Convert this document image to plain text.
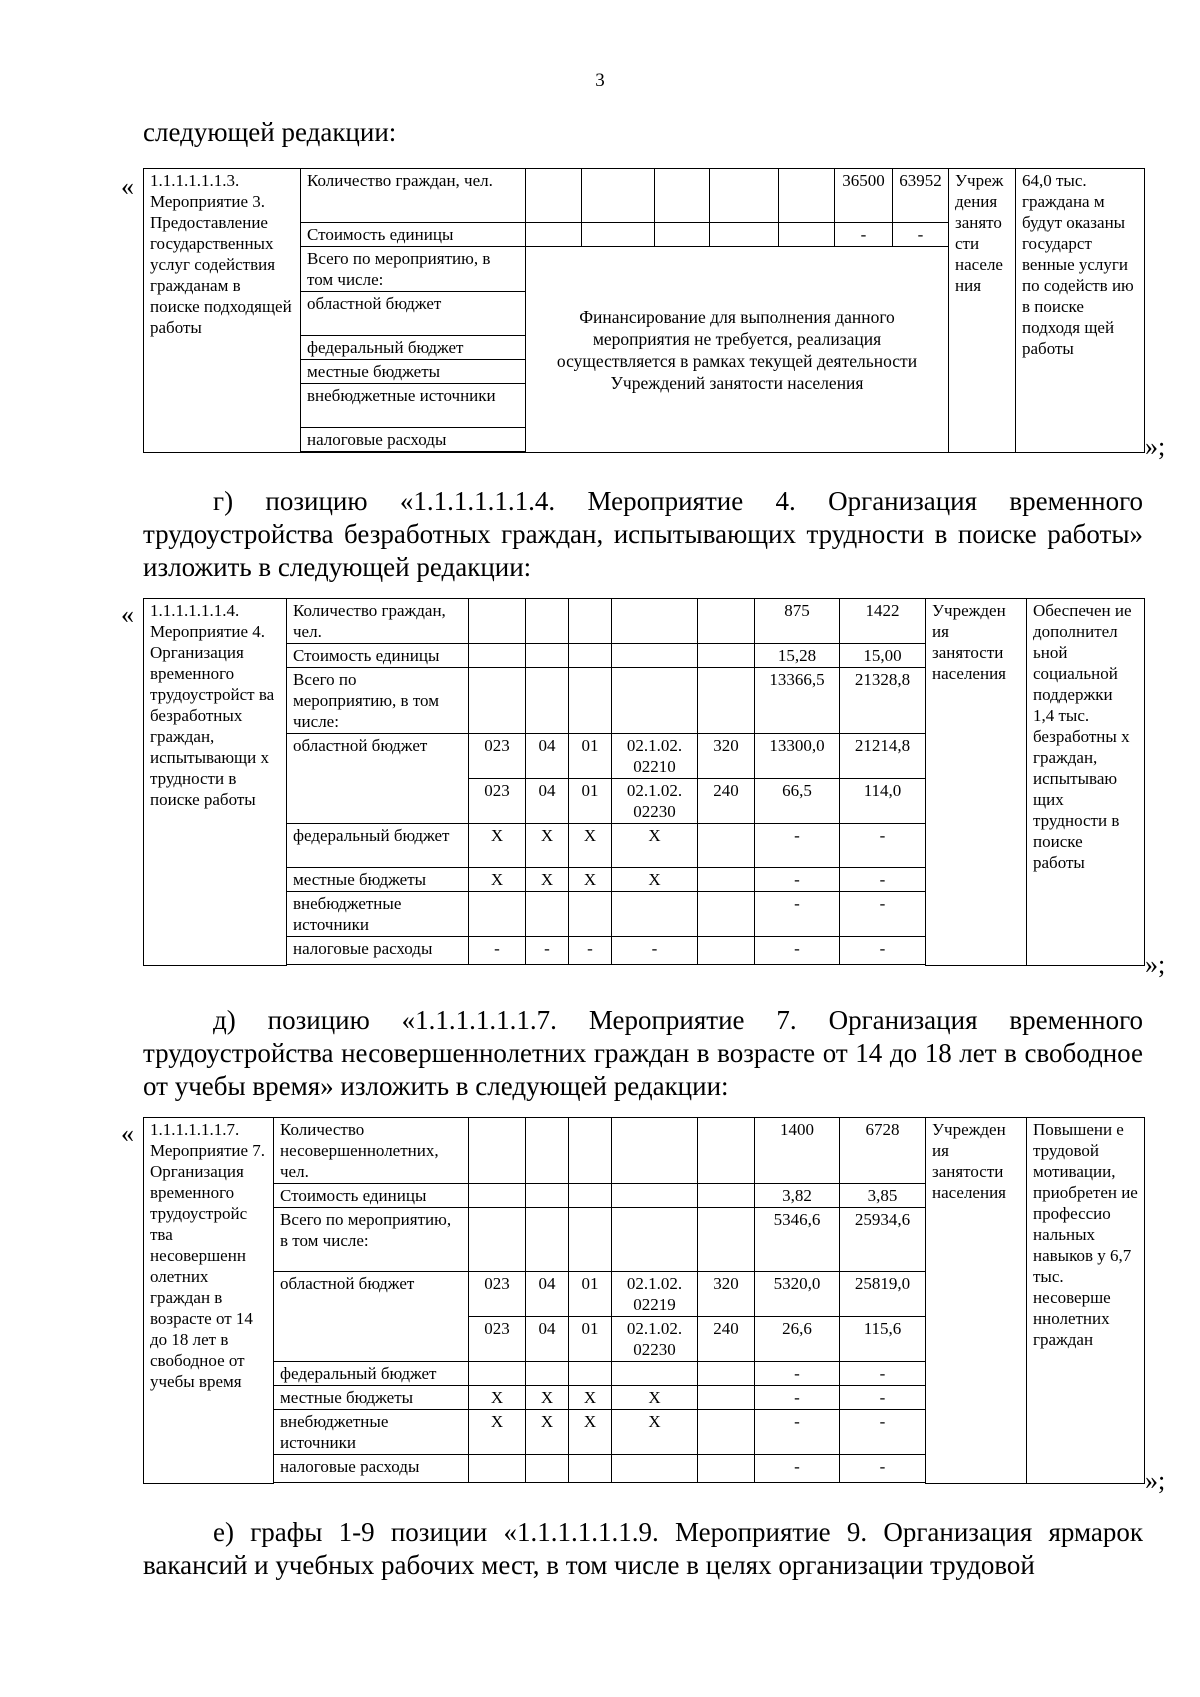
3
следующей редакции:
« 1.1.1.1.1.1.3. Мероприятие 3. Предоставление государственных услуг содействия гражданам в поиске подходящей работы	Количество граждан, чел.						36500	63952	Учреж дения занято сти населе ния	64,0 тыс. граждана м будут оказаны государст венные услуги по содейств ию в поиске подходя щей работы
	Стоимость единицы						-	-		
	Всего по мероприятию, в том числе:	Финансирование для выполнения данного мероприятия не требуется, реализация осуществляется в рамках текущей деятельности Учреждений занятости населения								
	областной бюджет									
	федеральный бюджет									
	местные бюджеты									
	внебюджетные источники									
	налоговые расходы										»;
г) позицию «1.1.1.1.1.1.4. Мероприятие 4. Организация временного трудоустройства безработных граждан, испытывающих трудности в поиске работы» изложить в следующей редакции:
« 1.1.1.1.1.1.4. Мероприятие 4. Организация временного трудоустройст ва безработных граждан, испытывающи х трудности в поиске работы	Количество граждан, чел.						875	1422	Учрежден ия занятости населения	Обеспечен ие дополнител ьной социальной поддержки 1,4 тыс. безработны х граждан, испытываю щих трудности в поиске работы
	Стоимость единицы						15,28	15,00		
	Всего по мероприятию, в том числе:						13366,5	21328,8		
	областной бюджет	023	04	01	02.1.02. 02210	320	13300,0	21214,8		
		023	04	01	02.1.02. 02230	240	66,5	114,0		
	федеральный бюджет	Х	Х	Х	Х		-	-		
	местные бюджеты	Х	Х	Х	Х		-	-		
	внебюджетные источники						-	-		
	налоговые расходы	-	-	-	-		-	-		

»;
д) позицию «1.1.1.1.1.1.7. Мероприятие 7. Организация временного трудоустройства несовершеннолетних граждан в возрасте от 14 до 18 лет в свободное от учебы время» изложить в следующей редакции:
« 1.1.1.1.1.1.7. Мероприятие 7. Организация временного трудоустройс тва несовершенн олетних граждан в возрасте от 14 до 18 лет в свободное от учебы время	Количество несовершеннолетних, чел.						1400	6728	Учрежден ия занятости населения	Повышени е трудовой мотивации, приобретен ие профессио нальных навыков у 6,7 тыс. несоверше ннолетних граждан
	Стоимость единицы						3,82	3,85		
	Всего по мероприятию, в том числе:						5346,6	25934,6		
	областной бюджет	023	04	01	02.1.02. 02219	320	5320,0	25819,0		
		023	04	01	02.1.02. 02230	240	26,6	115,6		
	федеральный бюджет						-	-		
	местные бюджеты	Х	Х	Х	Х		-	-		
	внебюджетные источники	Х	Х	Х	Х		-	-		
	налоговые расходы						-	-			»;
е) графы 1-9 позиции «1.1.1.1.1.1.9. Мероприятие 9. Организация ярмарок вакансий и учебных рабочих мест, в том числе в целях организации трудовой
